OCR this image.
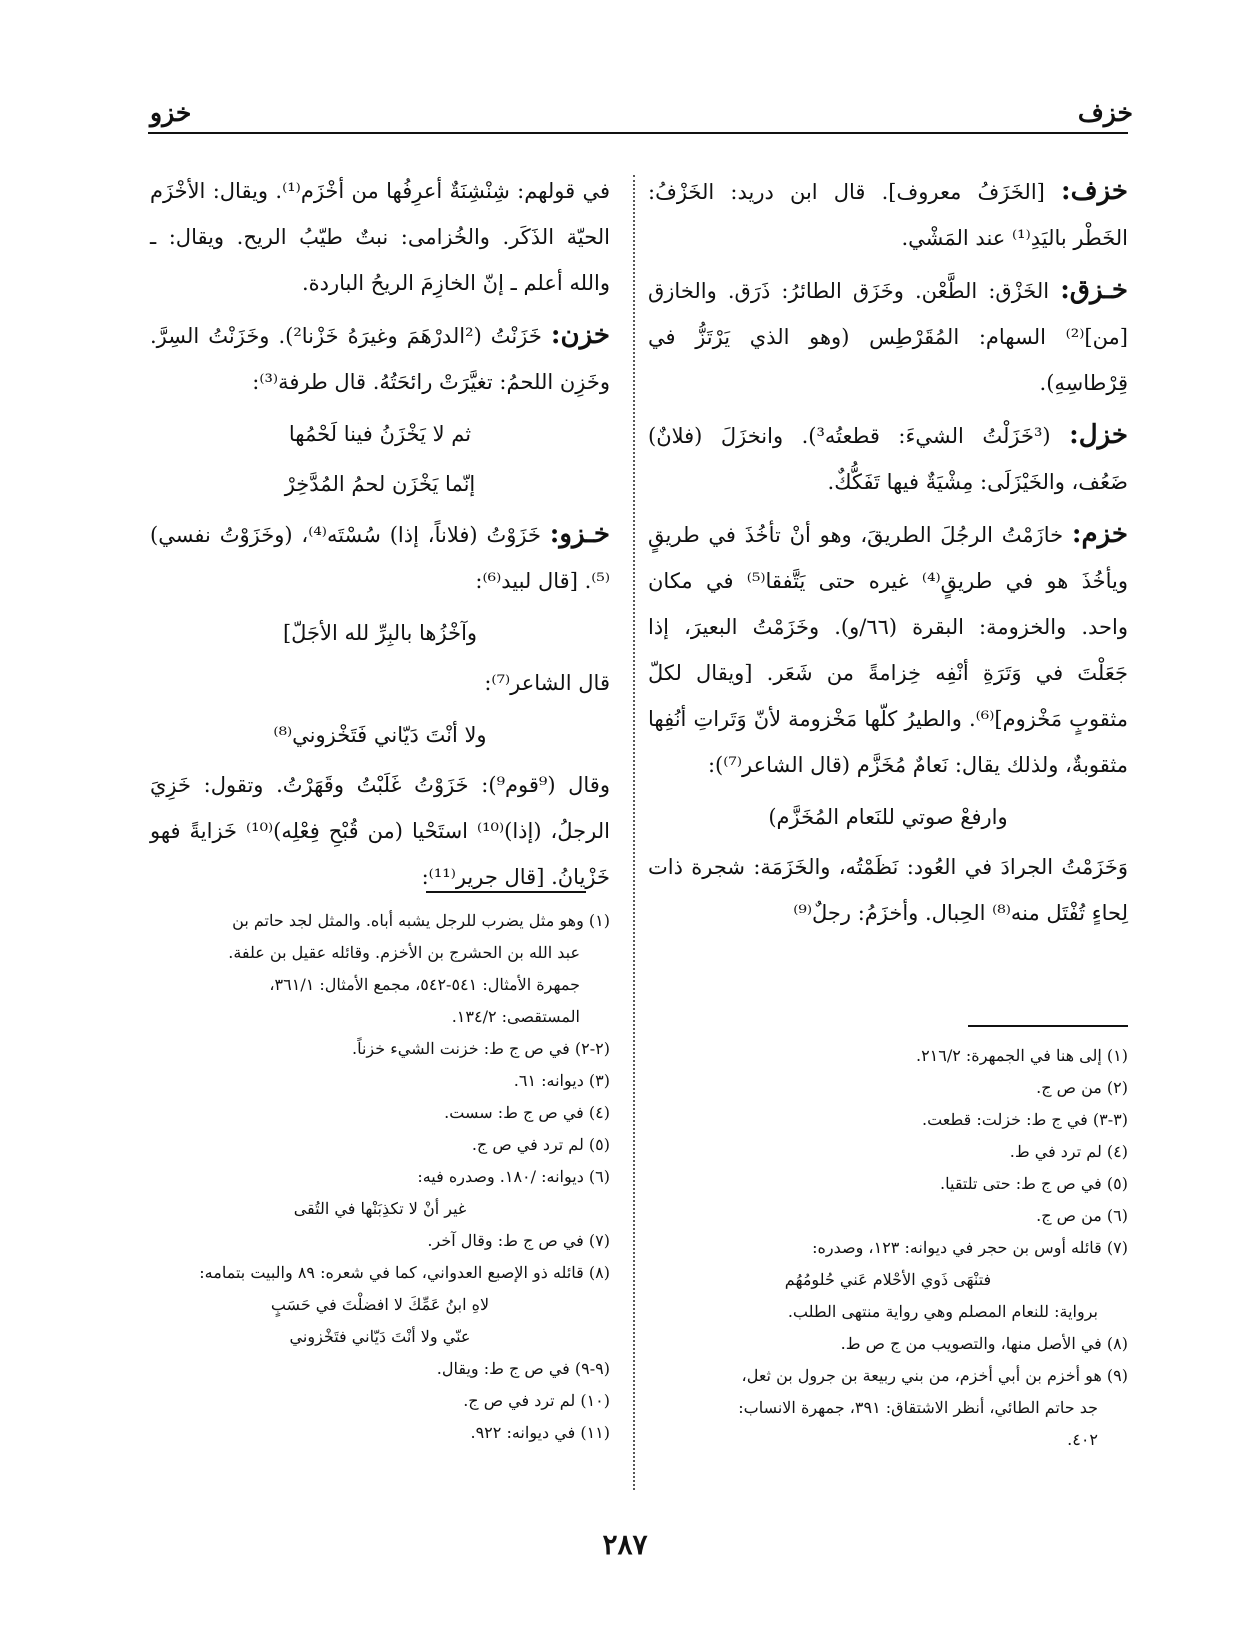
خزف
خزو

خزف: [الخَزَفُ معروف]. قال ابن دريد: الخَزْفُ: الخَطْر باليَدِ⁽¹⁾ عند المَشْي.

خـزق: الخَزْق: الطَّعْن. وخَزَق الطائرُ: ذَرَق. والخازق [من]⁽²⁾ السهام: المُقَرْطِس (وهو الذي يَرْتَزُّ في قِرْطاسِهِ).

خزل: (³خَزَلْتُ الشيءَ: قطعتُه³). وانخزَلَ (فلانٌ) ضَعُف، والخَيْزَلَى: مِشْيَةٌ فيها تَفَكُّكٌ.

خزم: خازَمْتُ الرجُلَ الطريقَ، وهو أنْ تأخُذَ في طريقٍ ويأخُذَ هو في طريقٍ⁽⁴⁾ غيره حتى يَتَّفقا⁽⁵⁾ في مكان واحد. والخزومة: البقرة (٦٦/و). وخَزَمْتُ البعيرَ، إذا جَعَلْتَ في وَتَرَةِ أنْفِه خِزامةً من شَعَر. [ويقال لكلّ مثقوبٍ مَخْزوم]⁽⁶⁾. والطيرُ كلّها مَخْزومة لأنّ وَتَراتِ أنُفِها مثقوبةٌ، ولذلك يقال: نَعامٌ مُخَزَّم (قال الشاعر⁽⁷⁾):

وارفعْ صوتي للنَعام المُخَزَّم)

وَخَزَمْتُ الجرادَ في العُود: نَظَمْتُه، والخَزَمَة: شجرة ذات لِحاءٍ تُفْتَل منه⁽⁸⁾ الحِبال. وأخزَمُ: رجلٌ⁽⁹⁾

في قولهم: شِنْشِنَةٌ أعرِفُها من أخْزَم⁽¹⁾. ويقال: الأخْزَم الحيّة الذَكَر. والخُزامى: نبتٌ طيّبُ الريح. ويقال: ـ والله أعلم ـ إنّ الخازِمَ الريحُ الباردة.

خزن: خَزَنْتُ (²الدرْهَمَ وغيرَهُ خَزْنا²). وخَزَنْتُ السِرَّ. وخَزِن اللحمُ: تغيَّرَتْ رائحَتُهُ. قال طرفة⁽³⁾:

ثم لا يَخْزَنُ فينا لَحْمُها

إنّما يَخْزَن لحمُ المُدَّخِرْ

خـزو: خَزَوْتُ (فلاناً، إذا) سُسْتَه⁽⁴⁾، (وخَزَوْتُ نفسي)⁽⁵⁾. [قال لبيد⁽⁶⁾:

وآخْزُها بالبِرِّ لله الأجَلّ]

قال الشاعر⁽⁷⁾:

ولا أنْتَ دَيّاني فَتَخْزوني⁽⁸⁾

وقال (⁹قوم⁹): خَزَوْتُ غَلَبْتُ وقَهَرْتُ. وتقول: خَزِيَ الرجلُ، (إذا)⁽¹⁰⁾ استَحْيا (من قُبْحِ فِعْلِه)⁽¹⁰⁾ خَزايةً فهو خَزْيانُ. [قال جرير⁽¹¹⁾:

(١) إلى هنا في الجمهرة: ٢١٦/٢.

(٢) من ص ج.

(٣-٣) في ج ط: خزلت: قطعت.

(٤) لم ترد في ط.

(٥) في ص ج ط: حتى تلتقيا.

(٦) من ص ج.

(٧) قائله أوس بن حجر في ديوانه: ١٢٣، وصدره:

فتنْهَى ذَوي الأحْلام عَني حُلومُهُم

برواية: للنعام المصلم وهي رواية منتهى الطلب.

(٨) في الأصل منها، والتصويب من ج ص ط.

(٩) هو أخزم بن أبي أخزم، من بني ربيعة بن جرول بن ثعل،

جد حاتم الطائي، أنظر الاشتقاق: ٣٩١، جمهرة الانساب:

٤٠٢.

(١) وهو مثل يضرب للرجل يشبه أباه. والمثل لجد حاتم بن

عبد الله بن الحشرج بن الأخزم. وقائله عقيل بن علفة.

جمهرة الأمثال: ٥٤١-٥٤٢، مجمع الأمثال: ٣٦١/١،

المستقصى: ١٣٤/٢.

(٢-٢) في ص ج ط: خزنت الشيء خزناً.

(٣) ديوانه: ٦١.

(٤) في ص ج ط: سست.

(٥) لم ترد في ص ج.

(٦) ديوانه: /١٨٠. وصدره فيه:

غير أنْ لا تكذِبَنْها في التُقى

(٧) في ص ج ط: وقال آخر.

(٨) قائله ذو الإصبع العدواني، كما في شعره: ٨٩ والبيت بتمامه:

لاهِ ابنُ عَمِّكَ لا افضلْتَ في حَسَبٍ

عنّي ولا أنْتَ دَيّاني فتَخْزوني

(٩-٩) في ص ج ط: ويقال.

(١٠) لم ترد في ص ج.

(١١) في ديوانه: ٩٢٢.

٢٨٧
